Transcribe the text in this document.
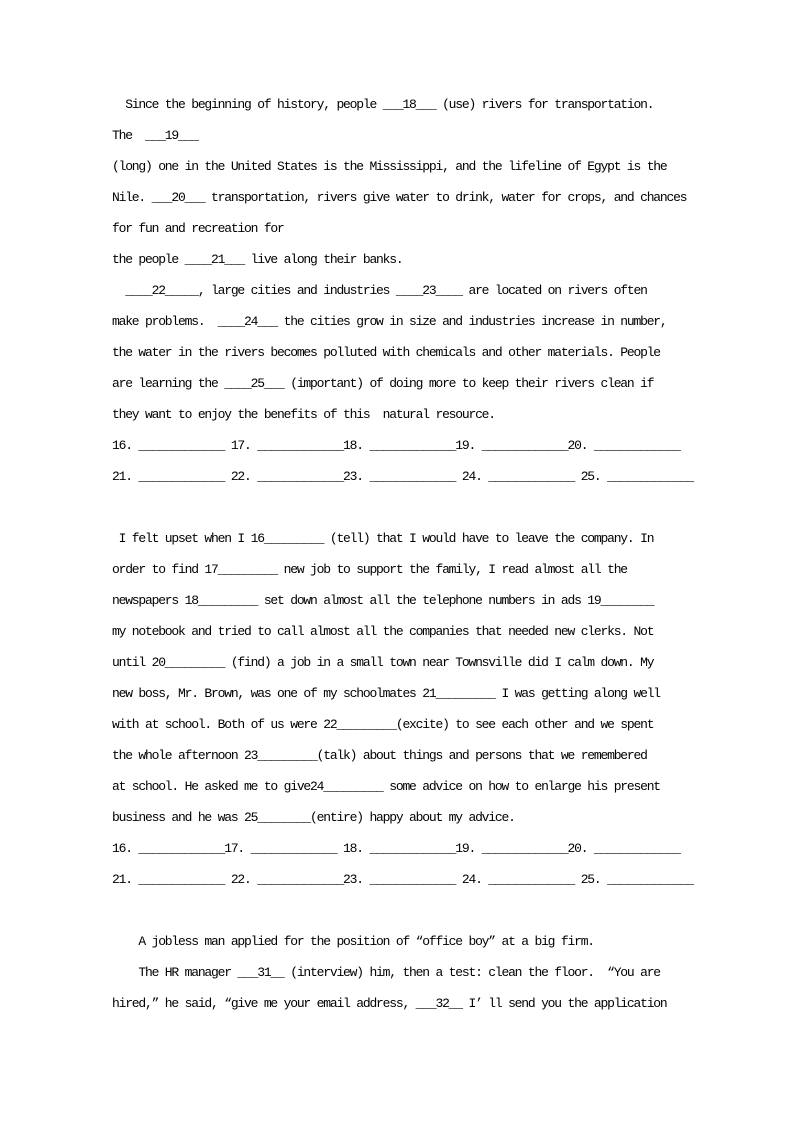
Since the beginning of history, people ___18___ (use) rivers for transportation.
The  ___19___
(long) one in the United States is the Mississippi, and the lifeline of Egypt is the
Nile. ___20___ transportation, rivers give water to drink, water for crops, and chances
for fun and recreation for
the people ____21___ live along their banks.
____22_____, large cities and industries ____23____ are located on rivers often
make problems.  ____24___ the cities grow in size and industries increase in number,
the water in the rivers becomes polluted with chemicals and other materials. People
are learning the ____25___ (important) of doing more to keep their rivers clean if
they want to enjoy the benefits of this  natural resource.
16. _____________ 17. _____________18. _____________19. _____________20. _____________
21. _____________ 22. _____________23. _____________ 24. _____________ 25. _____________
I felt upset when I 16_________ (tell) that I would have to leave the company. In
order to find 17_________ new job to support the family, I read almost all the
newspapers 18_________ set down almost all the telephone numbers in ads 19________
my notebook and tried to call almost all the companies that needed new clerks. Not
until 20_________ (find) a job in a small town near Townsville did I calm down. My
new boss, Mr. Brown, was one of my schoolmates 21_________ I was getting along well
with at school. Both of us were 22_________(excite) to see each other and we spent
the whole afternoon 23_________(talk) about things and persons that we remembered
at school. He asked me to give24_________ some advice on how to enlarge his present
business and he was 25________(entire) happy about my advice.
16. _____________17. _____________ 18. _____________19. _____________20. _____________
21. _____________ 22. _____________23. _____________ 24. _____________ 25. _____________
A jobless man applied for the position of “office boy” at a big firm.
The HR manager ___31__ (interview) him, then a test: clean the floor.  “You are
hired,” he said, “give me your email address, ___32__ I’ ll send you the application
